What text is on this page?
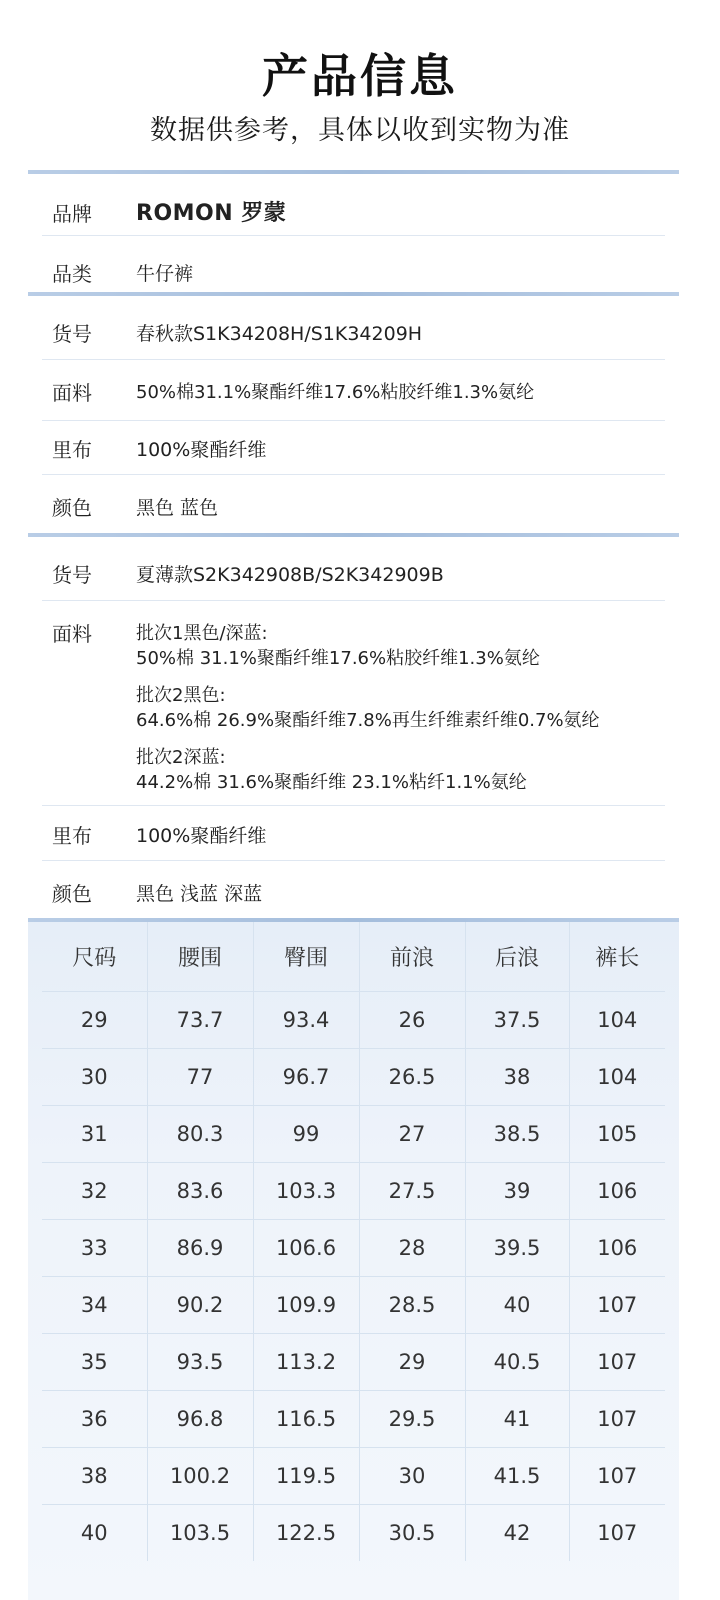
产品信息
数据供参考，具体以收到实物为准
品牌 ROMON 罗蒙
品类 牛仔裤
货号 春秋款S1K34208H/S1K34209H
面料 50%棉31.1%聚酯纤维17.6%粘胶纤维1.3%氨纶
里布 100%聚酯纤维
颜色 黑色 蓝色
货号 夏薄款S2K342908B/S2K342909B
面料 批次1黑色/深蓝:
50%棉 31.1%聚酯纤维17.6%粘胶纤维1.3%氨纶
批次2黑色:
64.6%棉 26.9%聚酯纤维7.8%再生纤维素纤维0.7%氨纶
批次2深蓝:
44.2%棉 31.6%聚酯纤维 23.1%粘纤1.1%氨纶
里布 100%聚酯纤维
颜色 黑色 浅蓝 深蓝
尺码	腰围	臀围	前浪	后浪	裤长
29	73.7	93.4	26	37.5	104
30	77	96.7	26.5	38	104
31	80.3	99	27	38.5	105
32	83.6	103.3	27.5	39	106
33	86.9	106.6	28	39.5	106
34	90.2	109.9	28.5	40	107
35	93.5	113.2	29	40.5	107
36	96.8	116.5	29.5	41	107
38	100.2	119.5	30	41.5	107
40	103.5	122.5	30.5	42	107
